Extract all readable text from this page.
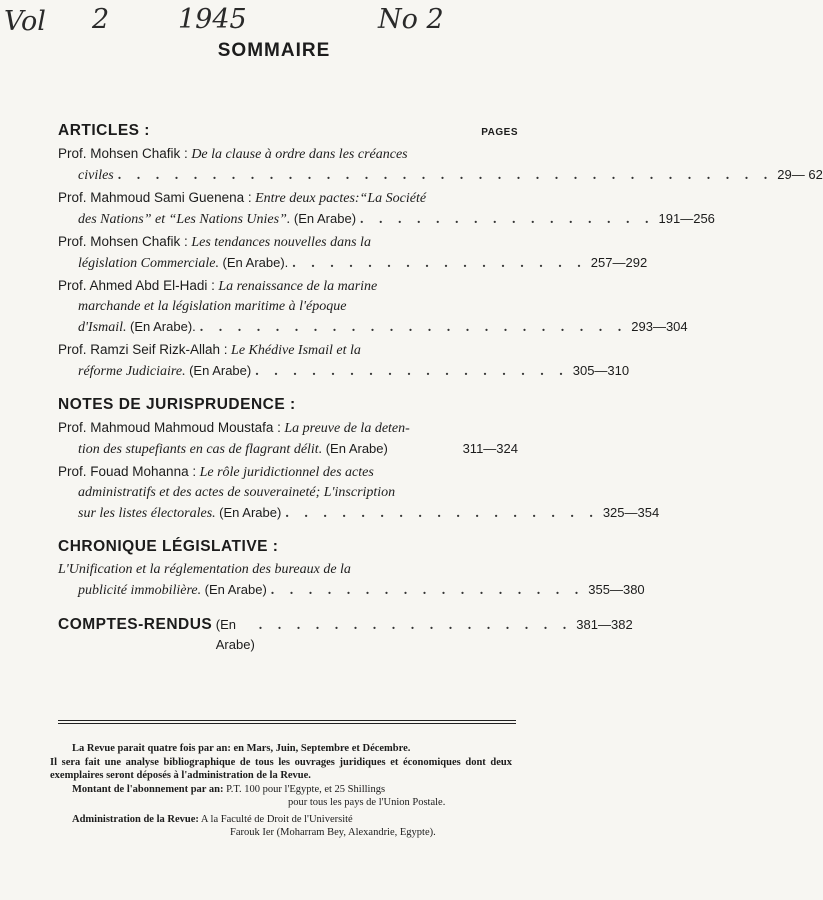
Vol 2	1945	No 2
SOMMAIRE
ARTICLES :	PAGES
Prof. Mohsen Chafik : De la clause à ordre dans les créances
civiles . . . . . . . . . . . . . . . . . . . . . . . . . . . . . . . . . . . 29— 62
Prof. Mahmoud Sami Guenena : Entre deux pactes:“La Société
des Nations” et “Les Nations Unies”. (En Arabe) . . . . . . . . . . . . . . . . 191—256
Prof. Mohsen Chafik : Les tendances nouvelles dans la
législation Commerciale. (En Arabe). . . . . . . . . . . . . . . . . 257—292
Prof. Ahmed Abd El-Hadi : La renaissance de la marine
marchande et la législation maritime à l'époque
d'Ismail. (En Arabe). . . . . . . . . . . . . . . . . . . . . . . . 293—304
Prof. Ramzi Seif Rizk-Allah : Le Khédive Ismail et la
réforme Judiciaire. (En Arabe) . . . . . . . . . . . . . . . . . 305—310
NOTES DE JURISPRUDENCE :
Prof. Mahmoud Mahmoud Moustafa : La preuve de la deten-
tion des stupefiants en cas de flagrant délit. (En Arabe)	311—324
Prof. Fouad Mohanna : Le rôle juridictionnel des actes
administratifs et des actes de souveraineté; L'inscription
sur les listes électorales. (En Arabe) . . . . . . . . . . . . . . . . . 325—354
CHRONIQUE LÉGISLATIVE :
L'Unification et la réglementation des bureaux de la
publicité immobilière. (En Arabe) . . . . . . . . . . . . . . . . . 355—380
COMPTES-RENDUS
(En Arabe)
. . . . . . . . . . . . . . . . . 381—382

La Revue parait quatre fois par an: en Mars, Juin, Septembre et Décembre.

Il sera fait une analyse bibliographique de tous les ouvrages juridiques et économiques dont deux exemplaires seront déposés à l'administration de la Revue.

Montant de l'abonnement par an: P.T. 100 pour l'Egypte, et 25 Shillings

pour tous les pays de l'Union Postale.

Administration de la Revue: A la Faculté de Droit de l'Université

Farouk Ier (Moharram Bey, Alexandrie, Egypte).
